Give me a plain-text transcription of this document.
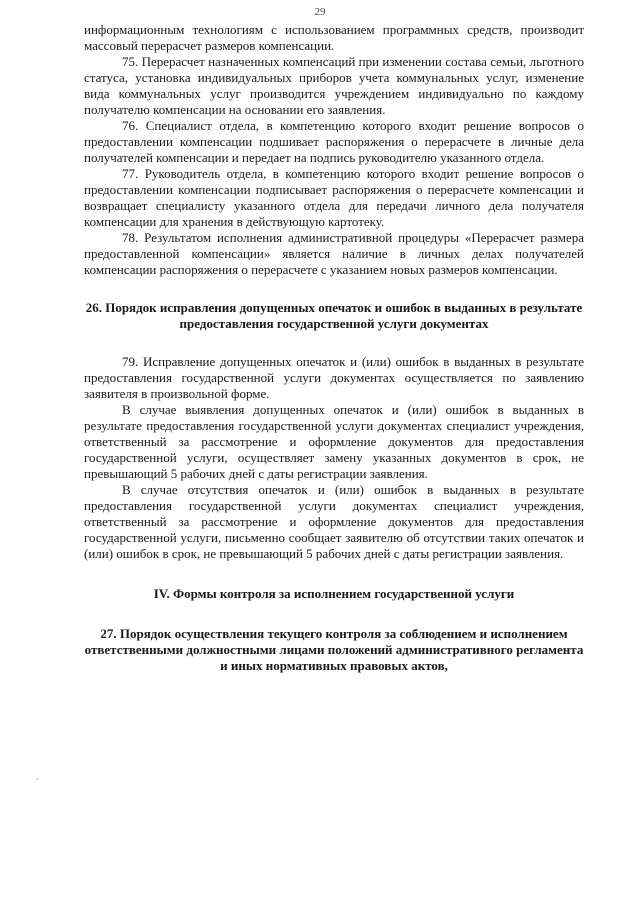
29

информационным технологиям с использованием программных средств, производит массовый перерасчет размеров компенсации.

75. Перерасчет назначенных компенсаций при изменении состава семьи, льготного статуса, установка индивидуальных приборов учета коммунальных услуг, изменение вида коммунальных услуг производится учреждением индивидуально по каждому получателю компенсации на основании его заявления.

76. Специалист отдела, в компетенцию которого входит решение вопросов о предоставлении компенсации подшивает распоряжения о перерасчете в личные дела получателей компенсации и передает на подпись руководителю указанного отдела.

77. Руководитель отдела, в компетенцию которого входит решение вопросов о предоставлении компенсации подписывает распоряжения о перерасчете компенсации и возвращает специалисту указанного отдела для передачи личного дела получателя компенсации для хранения в действующую картотеку.

78. Результатом исполнения административной процедуры «Перерасчет размера предоставленной компенсации» является наличие в личных делах получателей компенсации распоряжения о перерасчете с указанием новых размеров компенсации.

26. Порядок исправления допущенных опечаток и ошибок в выданных в результате предоставления государственной услуги документах

79. Исправление допущенных опечаток и (или) ошибок в выданных в результате предоставления государственной услуги документах осуществляется по заявлению заявителя в произвольной форме.

В случае выявления допущенных опечаток и (или) ошибок в выданных в результате предоставления государственной услуги документах специалист учреждения, ответственный за рассмотрение и оформление документов для предоставления государственной услуги, осуществляет замену указанных документов в срок, не превышающий 5 рабочих дней с даты регистрации заявления.

В случае отсутствия опечаток и (или) ошибок в выданных в результате предоставления государственной услуги документах специалист учреждения, ответственный за рассмотрение и оформление документов для предоставления государственной услуги, письменно сообщает заявителю об отсутствии таких опечаток и (или) ошибок в срок, не превышающий 5 рабочих дней с даты регистрации заявления.

IV. Формы контроля за исполнением государственной услуги
27. Порядок осуществления текущего контроля за соблюдением и исполнением ответственными должностными лицами положений административного регламента и иных нормативных правовых актов,
·
